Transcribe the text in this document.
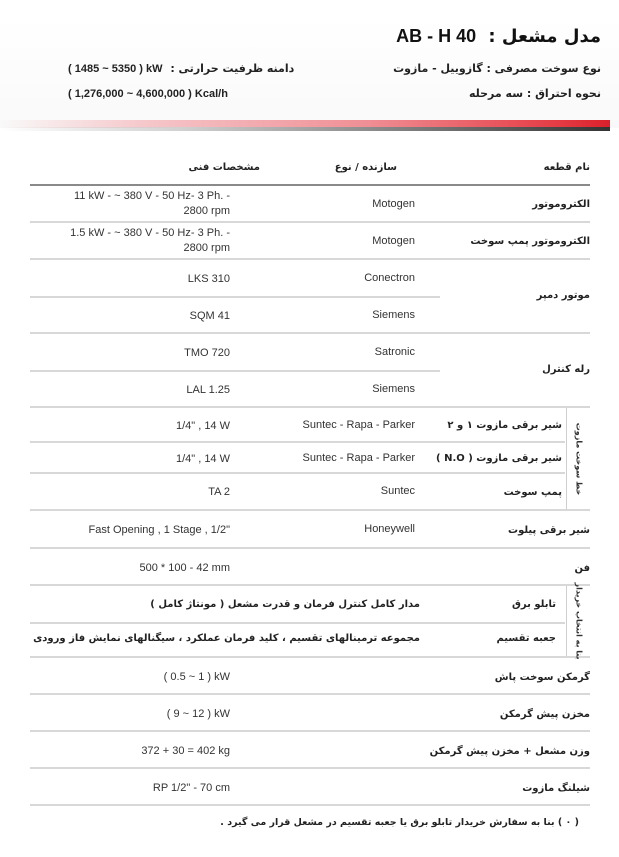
مدل مشعل : AB - H 40
نوع سوخت مصرفی : گازوییل - مازوت
نحوه احتراق : سه مرحله
دامنه ظرفیت حرارتی : ( 1485 ~ 5350 ) kW
( 1,276,000 ~ 4,600,000 ) Kcal/h
نام قطعه
سازنده / نوع
مشخصات فنی
الکتروموتور
Motogen
11 kW - ~ 380 V - 50 Hz- 3 Ph. -
2800 rpm
الکتروموتور پمپ سوخت
Motogen
1.5 kW - ~ 380 V - 50 Hz- 3 Ph. -
2800 rpm
موتور دمپر
Conectron
LKS 310
Siemens
SQM 41
رله کنترل
Satronic
TMO 720
Siemens
LAL 1.25
خط سوخت مازوت
شیر برقی مازوت ۱ و ۲
Suntec - Rapa - Parker
1/4" , 14 W
شیر برقی مازوت ( N.O )
Suntec - Rapa - Parker
1/4" , 14 W
پمپ سوخت
Suntec
TA 2
شیر برقی پیلوت
Honeywell
Fast Opening , 1 Stage , 1/2"
فن
500 * 100 - 42 mm
بنا به انتخاب خریدار
تابلو برق
مدار کامل کنترل فرمان و قدرت مشعل ( مونتاژ کامل )
جعبه تقسیم
مجموعه ترمینالهای تقسیم ، کلید فرمان عملکرد ، سیگنالهای نمایش فاز ورودی
گرمکن سوخت پاش
( 0.5 ~ 1 ) kW
مخزن پیش گرمکن
( 9 ~ 12 ) kW
وزن مشعل + مخزن پیش گرمکن
372 + 30 = 402 kg
شیلنگ مازوت
RP 1/2" - 70 cm
( ٠ ) بنا به سفارش خریدار تابلو برق یا جعبه تقسیم در مشعل قرار می گیرد .
